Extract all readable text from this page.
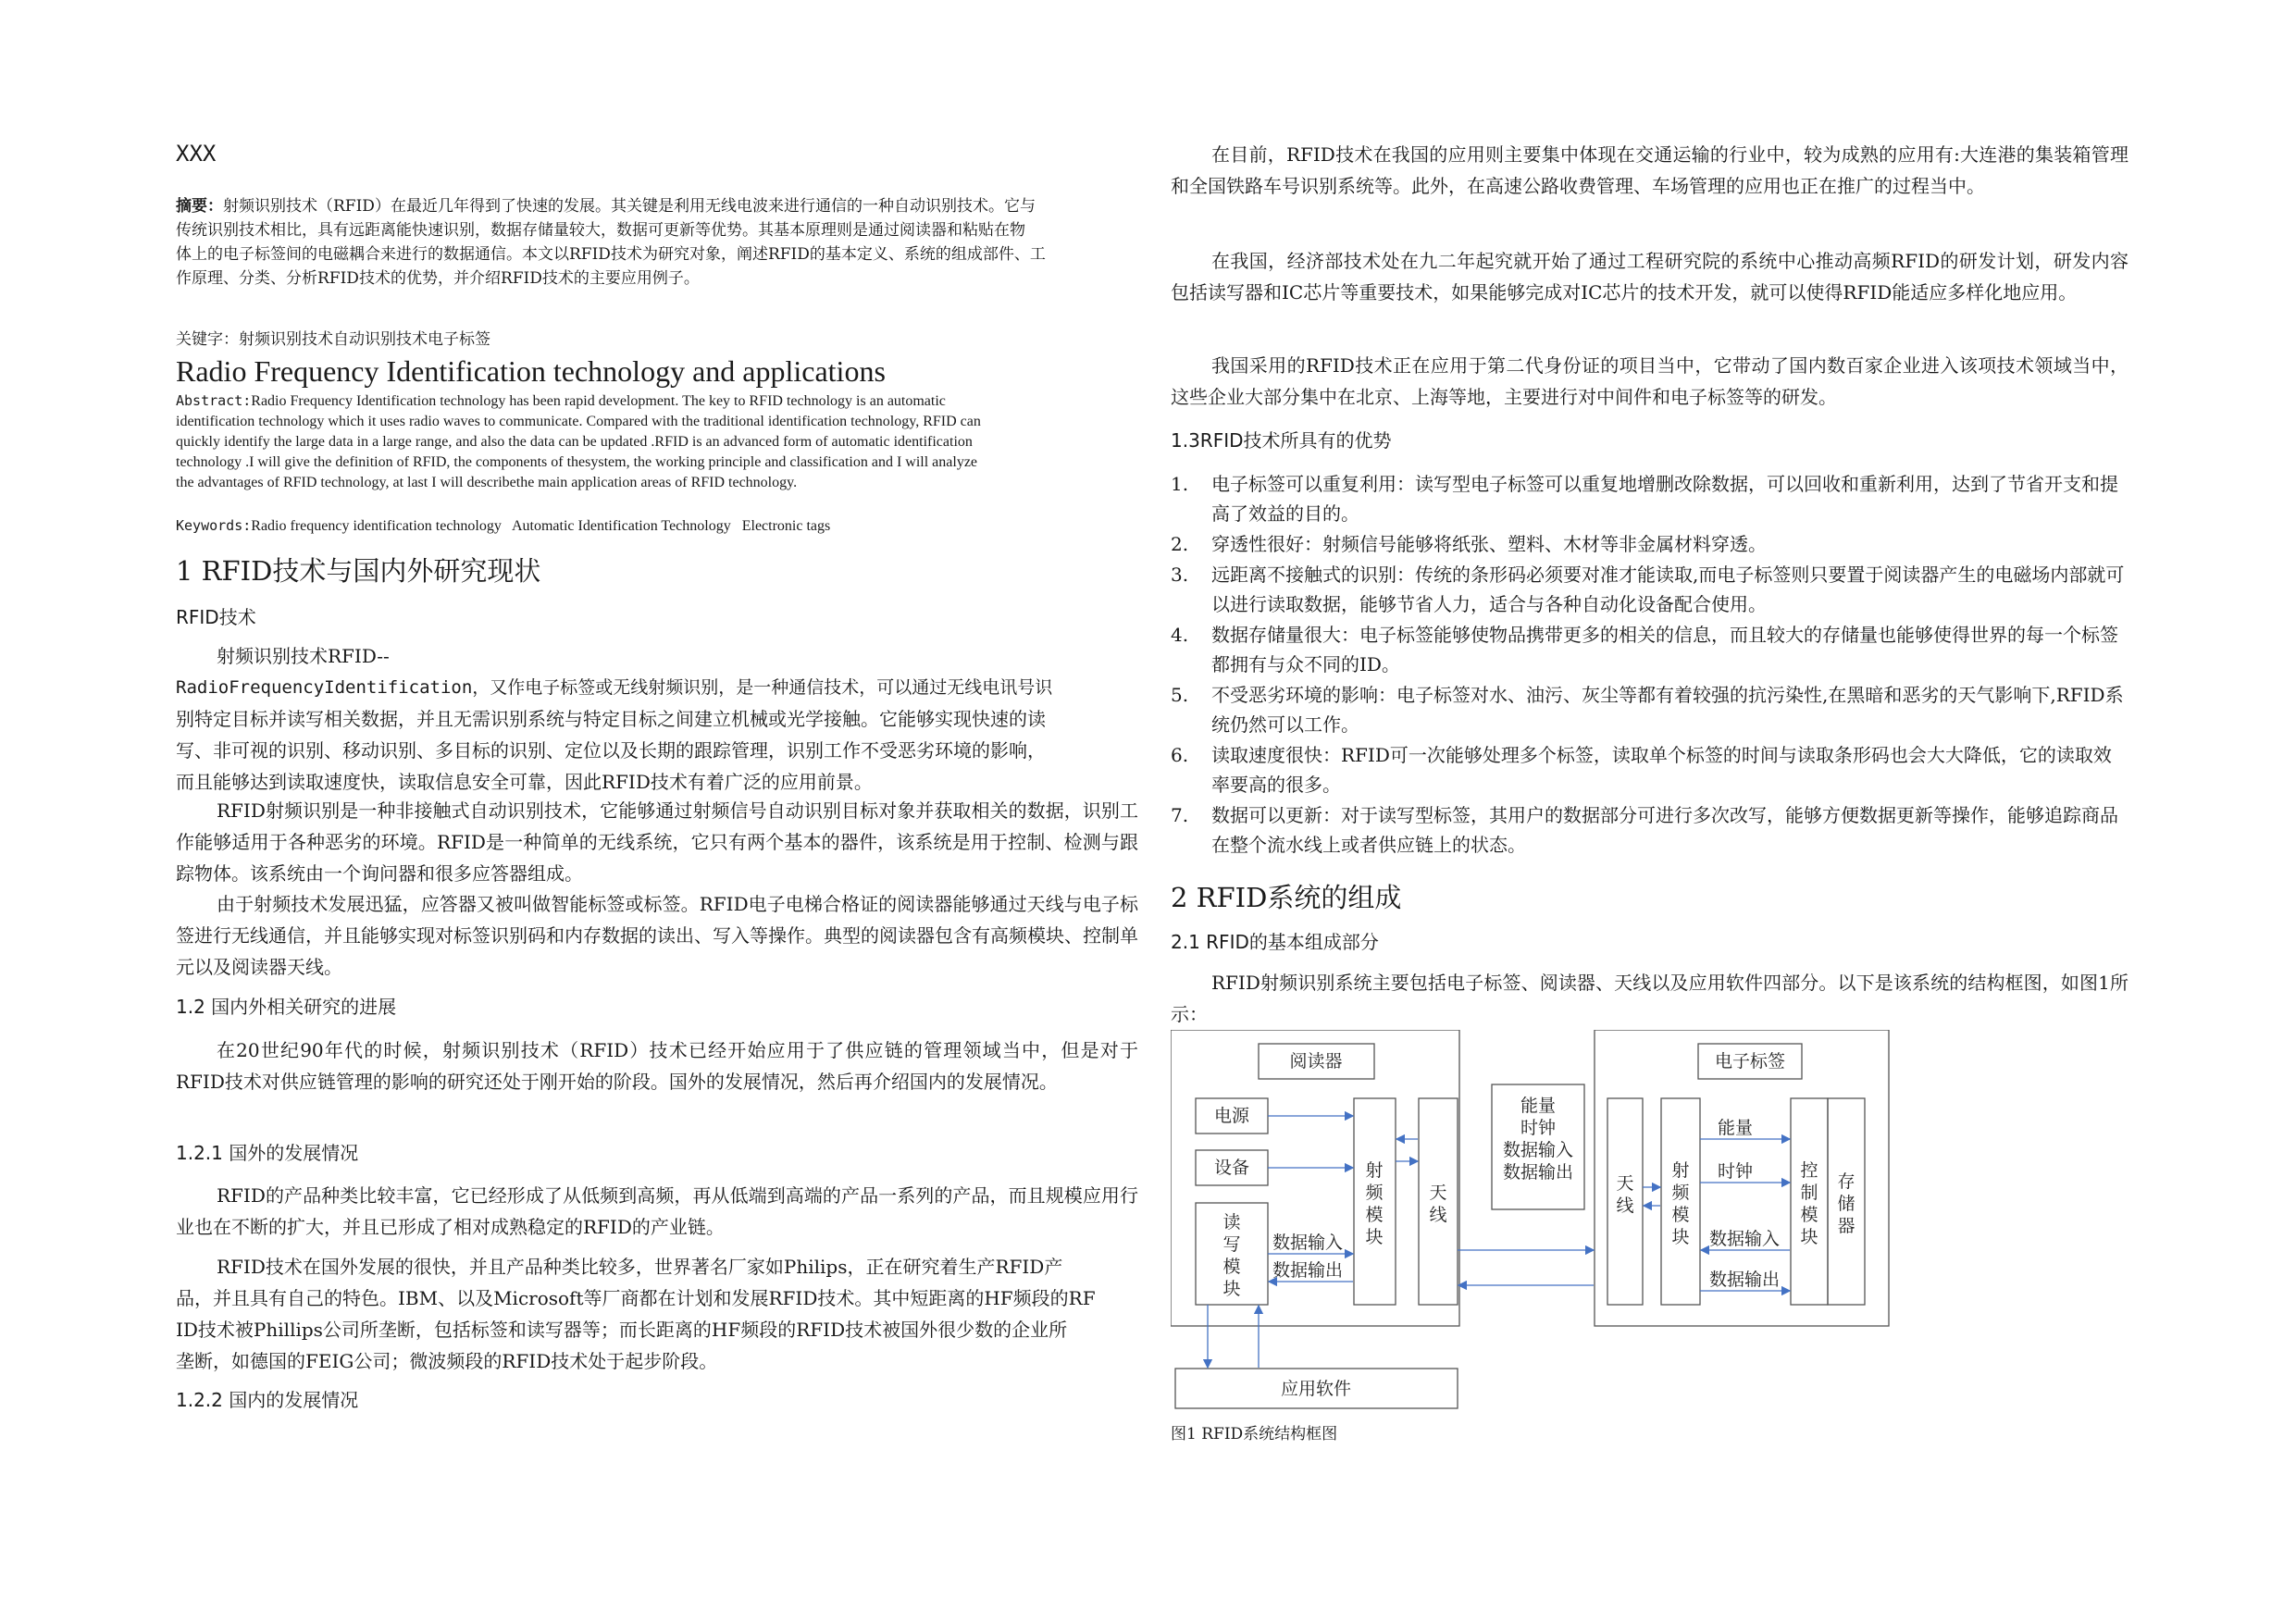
XXX
摘要：射频识别技术（RFID）在最近几年得到了快速的发展。其关键是利用无线电波来进行通信的一种自动识别技术。它与
传统识别技术相比，具有远距离能快速识别，数据存储量较大，数据可更新等优势。其基本原理则是通过阅读器和粘贴在物
体上的电子标签间的电磁耦合来进行的数据通信。本文以RFID技术为研究对象，阐述RFID的基本定义、系统的组成部件、工
作原理、分类、分析RFID技术的优势，并介绍RFID技术的主要应用例子。
关键字：射频识别技术自动识别技术电子标签
Radio Frequency Identification technology and applications
Abstract:Radio Frequency Identification technology has been rapid development. The key to RFID technology is an automatic
identification technology which it uses radio waves to communicate. Compared with the traditional identification technology, RFID can
quickly identify the large data in a large range, and also the data can be updated .RFID is an advanced form of automatic identification
technology .I will give the definition of RFID, the components of thesystem, the working principle and classification and I will analyze
the advantages of RFID technology, at last I will describethe main application areas of RFID technology.
Keywords:Radio frequency identification technology   Automatic Identification Technology   Electronic tags
1 RFID技术与国内外研究现状
RFID技术
射频识别技术RFID--
RadioFrequencyIdentification，又作电子标签或无线射频识别，是一种通信技术，可以通过无线电讯号识
别特定目标并读写相关数据，并且无需识别系统与特定目标之间建立机械或光学接触。它能够实现快速的读
写、非可视的识别、移动识别、多目标的识别、定位以及长期的跟踪管理，识别工作不受恶劣环境的影响，
而且能够达到读取速度快，读取信息安全可靠，因此RFID技术有着广泛的应用前景。

RFID射频识别是一种非接触式自动识别技术，它能够通过射频信号自动识别目标对象并获取相关的数据，识别工作能够适用于各种恶劣的环境。RFID是一种简单的无线系统，它只有两个基本的器件，该系统是用于控制、检测与跟踪物体。该系统由一个询问器和很多应答器组成。

由于射频技术发展迅猛，应答器又被叫做智能标签或标签。RFID电子电梯合格证的阅读器能够通过天线与电子标签进行无线通信，并且能够实现对标签识别码和内存数据的读出、写入等操作。典型的阅读器包含有高频模块、控制单元以及阅读器天线。

1.2 国内外相关研究的进展

在20世纪90年代的时候，射频识别技术（RFID）技术已经开始应用于了供应链的管理领域当中，但是对于RFID技术对供应链管理的影响的研究还处于刚开始的阶段。国外的发展情况，然后再介绍国内的发展情况。

1.2.1 国外的发展情况

RFID的产品种类比较丰富，它已经形成了从低频到高频，再从低端到高端的产品一系列的产品，而且规模应用行业也在不断的扩大，并且已形成了相对成熟稳定的RFID的产业链。

RFID技术在国外发展的很快，并且产品种类比较多，世界著名厂家如Philips，正在研究着生产RFID产
品，并且具有自己的特色。IBM、以及Microsoft等厂商都在计划和发展RFID技术。其中短距离的HF频段的RF
ID技术被Phillips公司所垄断，包括标签和读写器等；而长距离的HF频段的RFID技术被国外很少数的企业所
垄断，如德国的FEIG公司；微波频段的RFID技术处于起步阶段。
1.2.2 国内的发展情况

在目前，RFID技术在我国的应用则主要集中体现在交通运输的行业中，较为成熟的应用有:大连港的集装箱管理和全国铁路车号识别系统等。此外，在高速公路收费管理、车场管理的应用也正在推广的过程当中。

在我国，经济部技术处在九二年起究就开始了通过工程研究院的系统中心推动高频RFID的研发计划，研发内容包括读写器和IC芯片等重要技术，如果能够完成对IC芯片的技术开发，就可以使得RFID能适应多样化地应用。

我国采用的RFID技术正在应用于第二代身份证的项目当中，它带动了国内数百家企业进入该项技术领域当中，这些企业大部分集中在北京、上海等地，主要进行对中间件和电子标签等的研发。

1.3RFID技术所具有的优势
1. 电子标签可以重复利用：读写型电子标签可以重复地增删改除数据，可以回收和重新利用，达到了节省开支和提高了效益的目的。
2. 穿透性很好：射频信号能够将纸张、塑料、木材等非金属材料穿透。
3. 远距离不接触式的识别：传统的条形码必须要对准才能读取,而电子标签则只要置于阅读器产生的电磁场内部就可以进行读取数据，能够节省人力，适合与各种自动化设备配合使用。
4. 数据存储量很大：电子标签能够使物品携带更多的相关的信息，而且较大的存储量也能够使得世界的每一个标签都拥有与众不同的ID。
5. 不受恶劣环境的影响：电子标签对水、油污、灰尘等都有着较强的抗污染性,在黑暗和恶劣的天气影响下,RFID系统仍然可以工作。
6. 读取速度很快：RFID可一次能够处理多个标签，读取单个标签的时间与读取条形码也会大大降低，它的读取效率要高的很多。
7. 数据可以更新：对于读写型标签，其用户的数据部分可进行多次改写，能够方便数据更新等操作，能够追踪商品在整个流水线上或者供应链上的状态。
2 RFID系统的组成
2.1 RFID的基本组成部分

RFID射频识别系统主要包括电子标签、阅读器、天线以及应用软件四部分。以下是该系统的结构框图，如图1所示：

阅读器
电源
设备
读
写
模
块
数据输入
数据输出
射
频
模
块
天
线
能量
时钟
数据输入
数据输出
电子标签
天
线
射
频
模
块
能量
时钟
数据输入
数据输出
控
制
模
块
存
储
器
应用软件
图1 RFID系统结构框图
